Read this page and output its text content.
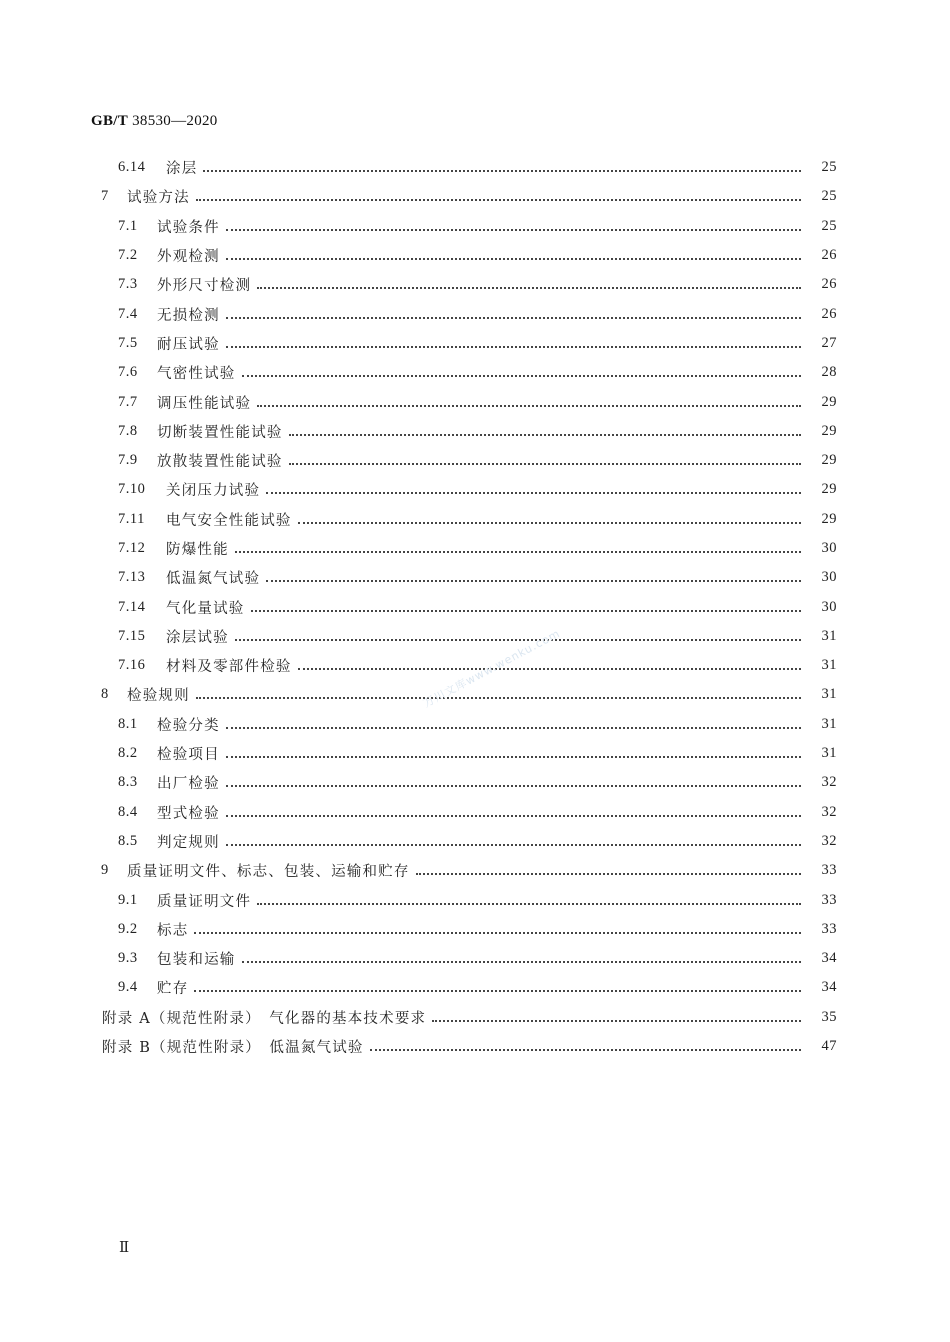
GB/T 38530—2020
6.14	涂层	25
7	试验方法	25
7.1	试验条件	25
7.2	外观检测	26
7.3	外形尺寸检测	26
7.4	无损检测	26
7.5	耐压试验	27
7.6	气密性试验	28
7.7	调压性能试验	29
7.8	切断装置性能试验	29
7.9	放散装置性能试验	29
7.10	关闭压力试验	29
7.11	电气安全性能试验	29
7.12	防爆性能	30
7.13	低温氮气试验	30
7.14	气化量试验	30
7.15	涂层试验	31
7.16	材料及零部件检验	31
8	检验规则	31
8.1	检验分类	31
8.2	检验项目	31
8.3	出厂检验	32
8.4	型式检验	32
8.5	判定规则	32
9	质量证明文件、标志、包装、运输和贮存	33
9.1	质量证明文件	33
9.2	标志	33
9.3	包装和运输	34
9.4	贮存	34
附录 A（规范性附录）　气化器的基本技术要求	35
附录 B（规范性附录）　低温氮气试验	47
万川文库www.wenku.com
Ⅱ
